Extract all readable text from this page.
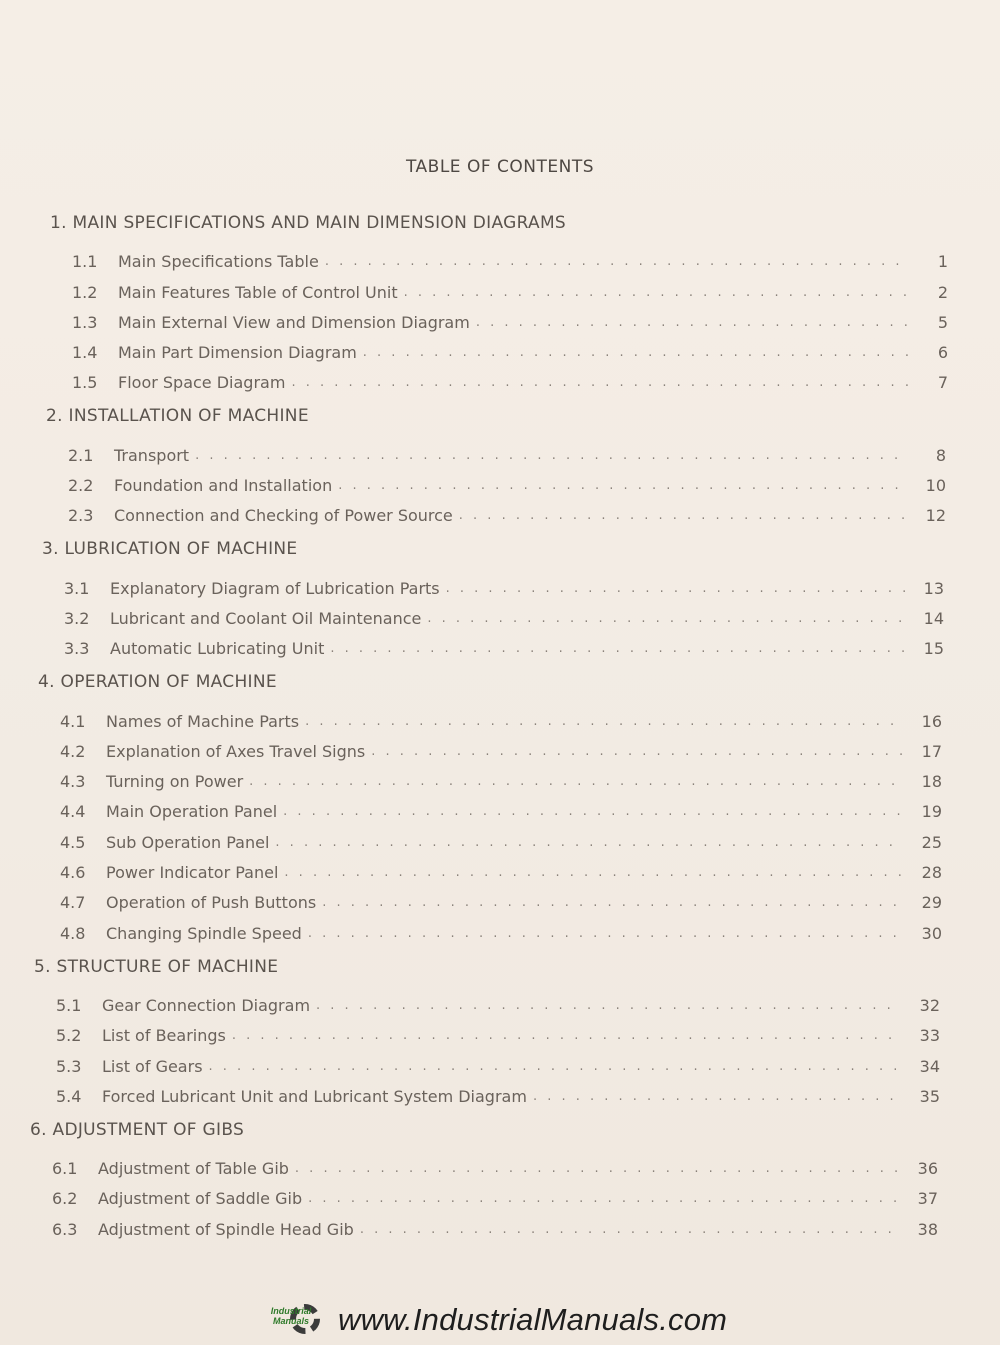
TABLE OF CONTENTS
1. MAIN SPECIFICATIONS AND MAIN DIMENSION DIAGRAMS
1.1	Main Specifications Table . . .	1
1.2	Main Features Table of Control Unit . . .	2
1.3	Main External View and Dimension Diagram . . .	5
1.4	Main Part Dimension Diagram . . .	6
1.5	Floor Space Diagram . . .	7
2. INSTALLATION OF MACHINE
2.1	Transport . . .	8
2.2	Foundation and Installation . . .	10
2.3	Connection and Checking of Power Source . . .	12
3. LUBRICATION OF MACHINE
3.1	Explanatory Diagram of Lubrication Parts . . .	13
3.2	Lubricant and Coolant Oil Maintenance . . .	14
3.3	Automatic Lubricating Unit . . .	15
4. OPERATION OF MACHINE
4.1	Names of Machine Parts . . .	16
4.2	Explanation of Axes Travel Signs . . .	17
4.3	Turning on Power . . .	18
4.4	Main Operation Panel . . .	19
4.5	Sub Operation Panel . . .	25
4.6	Power Indicator Panel . . .	28
4.7	Operation of Push Buttons . . .	29
4.8	Changing Spindle Speed . . .	30
5. STRUCTURE OF MACHINE
5.1	Gear Connection Diagram . . .	32
5.2	List of Bearings . . .	33
5.3	List of Gears . . .	34
5.4	Forced Lubricant Unit and Lubricant System Diagram . . .	35
6. ADJUSTMENT OF GIBS
6.1	Adjustment of Table Gib . . .	36
6.2	Adjustment of Saddle Gib . . .	37
6.3	Adjustment of Spindle Head Gib . . .	38
Industrial
Manuals www.IndustrialManuals.com
